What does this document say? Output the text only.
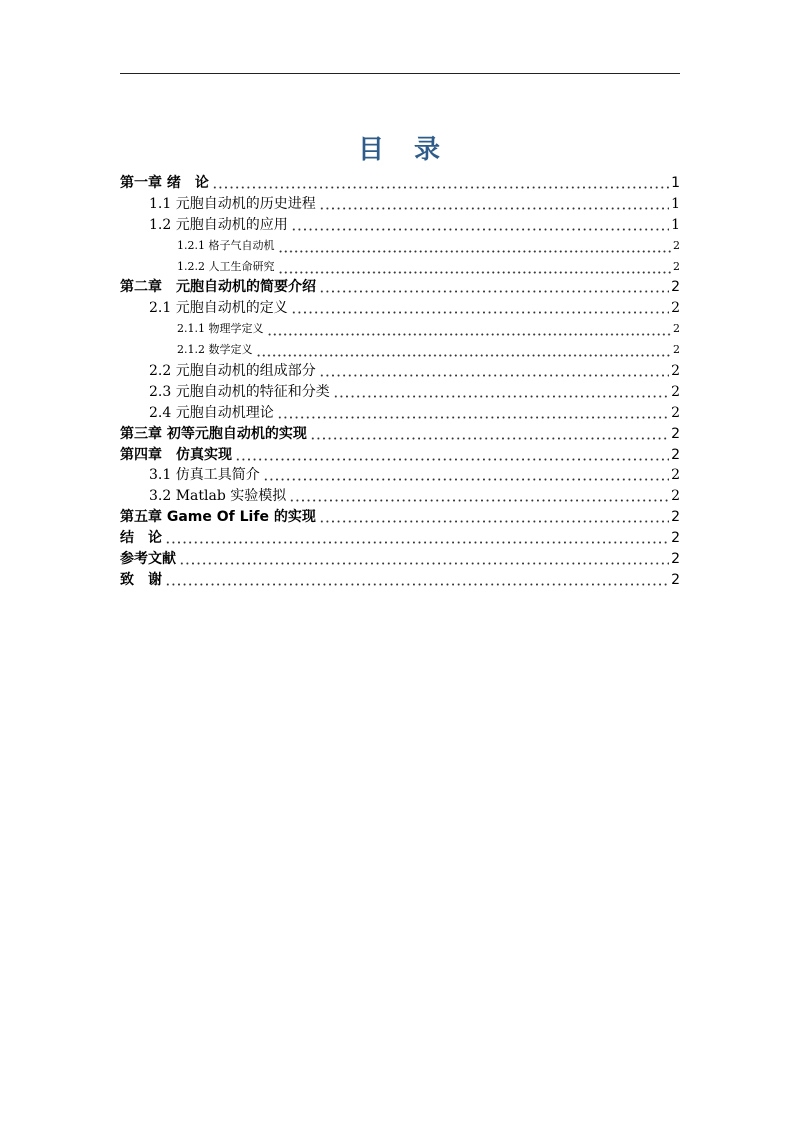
目　录
第一章 绪　论	1
1.1 元胞自动机的历史进程	1
1.2 元胞自动机的应用	1
1.2.1 格子气自动机	2
1.2.2 人工生命研究	2
第二章　元胞自动机的简要介绍	2
2.1 元胞自动机的定义	2
2.1.1 物理学定义	2
2.1.2 数学定义	2
2.2 元胞自动机的组成部分	2
2.3 元胞自动机的特征和分类	2
2.4 元胞自动机理论	2
第三章 初等元胞自动机的实现	2
第四章　仿真实现	2
3.1 仿真工具简介	2
3.2 Matlab 实验模拟	2
第五章 Game Of Life 的实现	2
结　论	2
参考文献	2
致　谢	2
